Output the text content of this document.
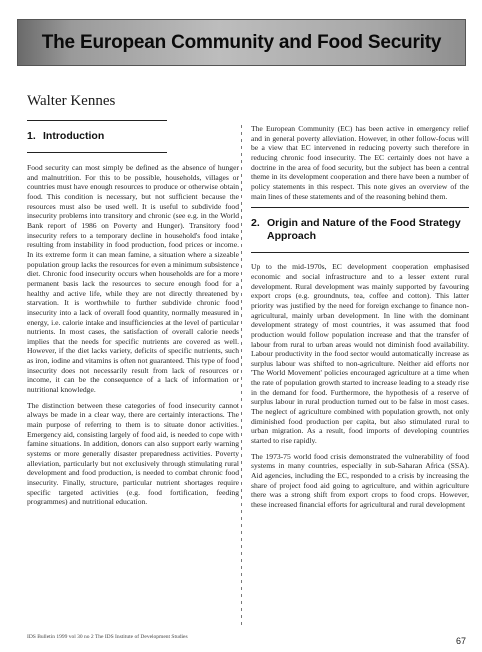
The European Community and Food Security
Walter Kennes
1. Introduction

Food security can most simply be defined as the absence of hunger and malnutrition. For this to be possible, households, villages or countries must have enough resources to produce or otherwise obtain food. This condition is necessary, but not sufficient because the resources must also be used well. It is useful to subdivide food insecurity problems into transitory and chronic (see e.g. in the World Bank report of 1986 on Poverty and Hunger). Transitory food insecurity refers to a temporary decline in household's food intake resulting from instability in food production, food prices or income. In its extreme form it can mean famine, a situation where a sizeable population group lacks the resources for even a minimum subsistence diet. Chronic food insecurity occurs when households are for a more permanent basis lack the resources to secure enough food for a healthy and active life, while they are not directly threatened by starvation. It is worthwhile to further subdivide chronic food insecurity into a lack of overall food quantity, normally measured in energy, i.e. calorie intake and insufficiencies at the level of particular nutrients. In most cases, the satisfaction of overall calorie needs implies that the needs for specific nutrients are covered as well. However, if the diet lacks variety, deficits of specific nutrients, such as iron, iodine and vitamins is often not guaranteed. This type of food insecurity does not necessarily result from lack of resources or income, it can be the consequence of a lack of information or nutritional knowledge.

The distinction between these categories of food insecurity cannot always be made in a clear way, there are certainly interactions. The main purpose of referring to them is to situate donor activities. Emergency aid, consisting largely of food aid, is needed to cope with famine situations. In addition, donors can also support early warning systems or more generally disaster preparedness activities. Poverty alleviation, particularly but not exclusively through stimulating rural development and food production, is needed to combat chronic food insecurity. Finally, structure, particular nutrient shortages require specific targeted activities (e.g. food fortification, feeding programmes) and nutritional education.

The European Community (EC) has been active in emergency relief and in general poverty alleviation. However, in other follow-focus will be a view that EC intervened in reducing poverty such therefore in reducing chronic food insecurity. The EC certainly does not have a doctrine in the area of food security, but the subject has been a central theme in its development cooperation and there have been a number of policy statements in this respect. This note gives an overview of the main lines of these statements and of the reasoning behind them.

2. Origin and Nature of the Food Strategy Approach

Up to the mid-1970s, EC development cooperation emphasised economic and social infrastructure and to a lesser extent rural development. Rural development was mainly supported by favouring export crops (e.g. groundnuts, tea, coffee and cotton). This latter priority was justified by the need for foreign exchange to finance non-agricultural, mainly urban development. In line with the dominant development strategy of most countries, it was assumed that food production would follow population increase and that the transfer of labour from rural to urban areas would not diminish food availability. Labour productivity in the food sector would automatically increase as surplus labour was shifted to non-agriculture. Neither aid efforts nor 'The World Movement' policies encouraged agriculture at a time when the rate of population growth started to increase leading to a steady rise in the demand for food. Furthermore, the hypothesis of a reserve of surplus labour in rural production turned out to be false in most cases. The neglect of agriculture combined with population growth, not only diminished food production per capita, but also stimulated rural to urban migration. As a result, food imports of developing countries started to rise rapidly.

The 1973-75 world food crisis demonstrated the vulnerability of food systems in many countries, especially in sub-Saharan Africa (SSA). Aid agencies, including the EC, responded to a crisis by increasing the share of project food aid going to agriculture, and within agriculture there was a strong shift from export crops to food crops. However, these increased financial efforts for agricultural and rural development

IDS Bulletin 1999 vol 30 no 2 The IDS Institute of Development Studies	67
